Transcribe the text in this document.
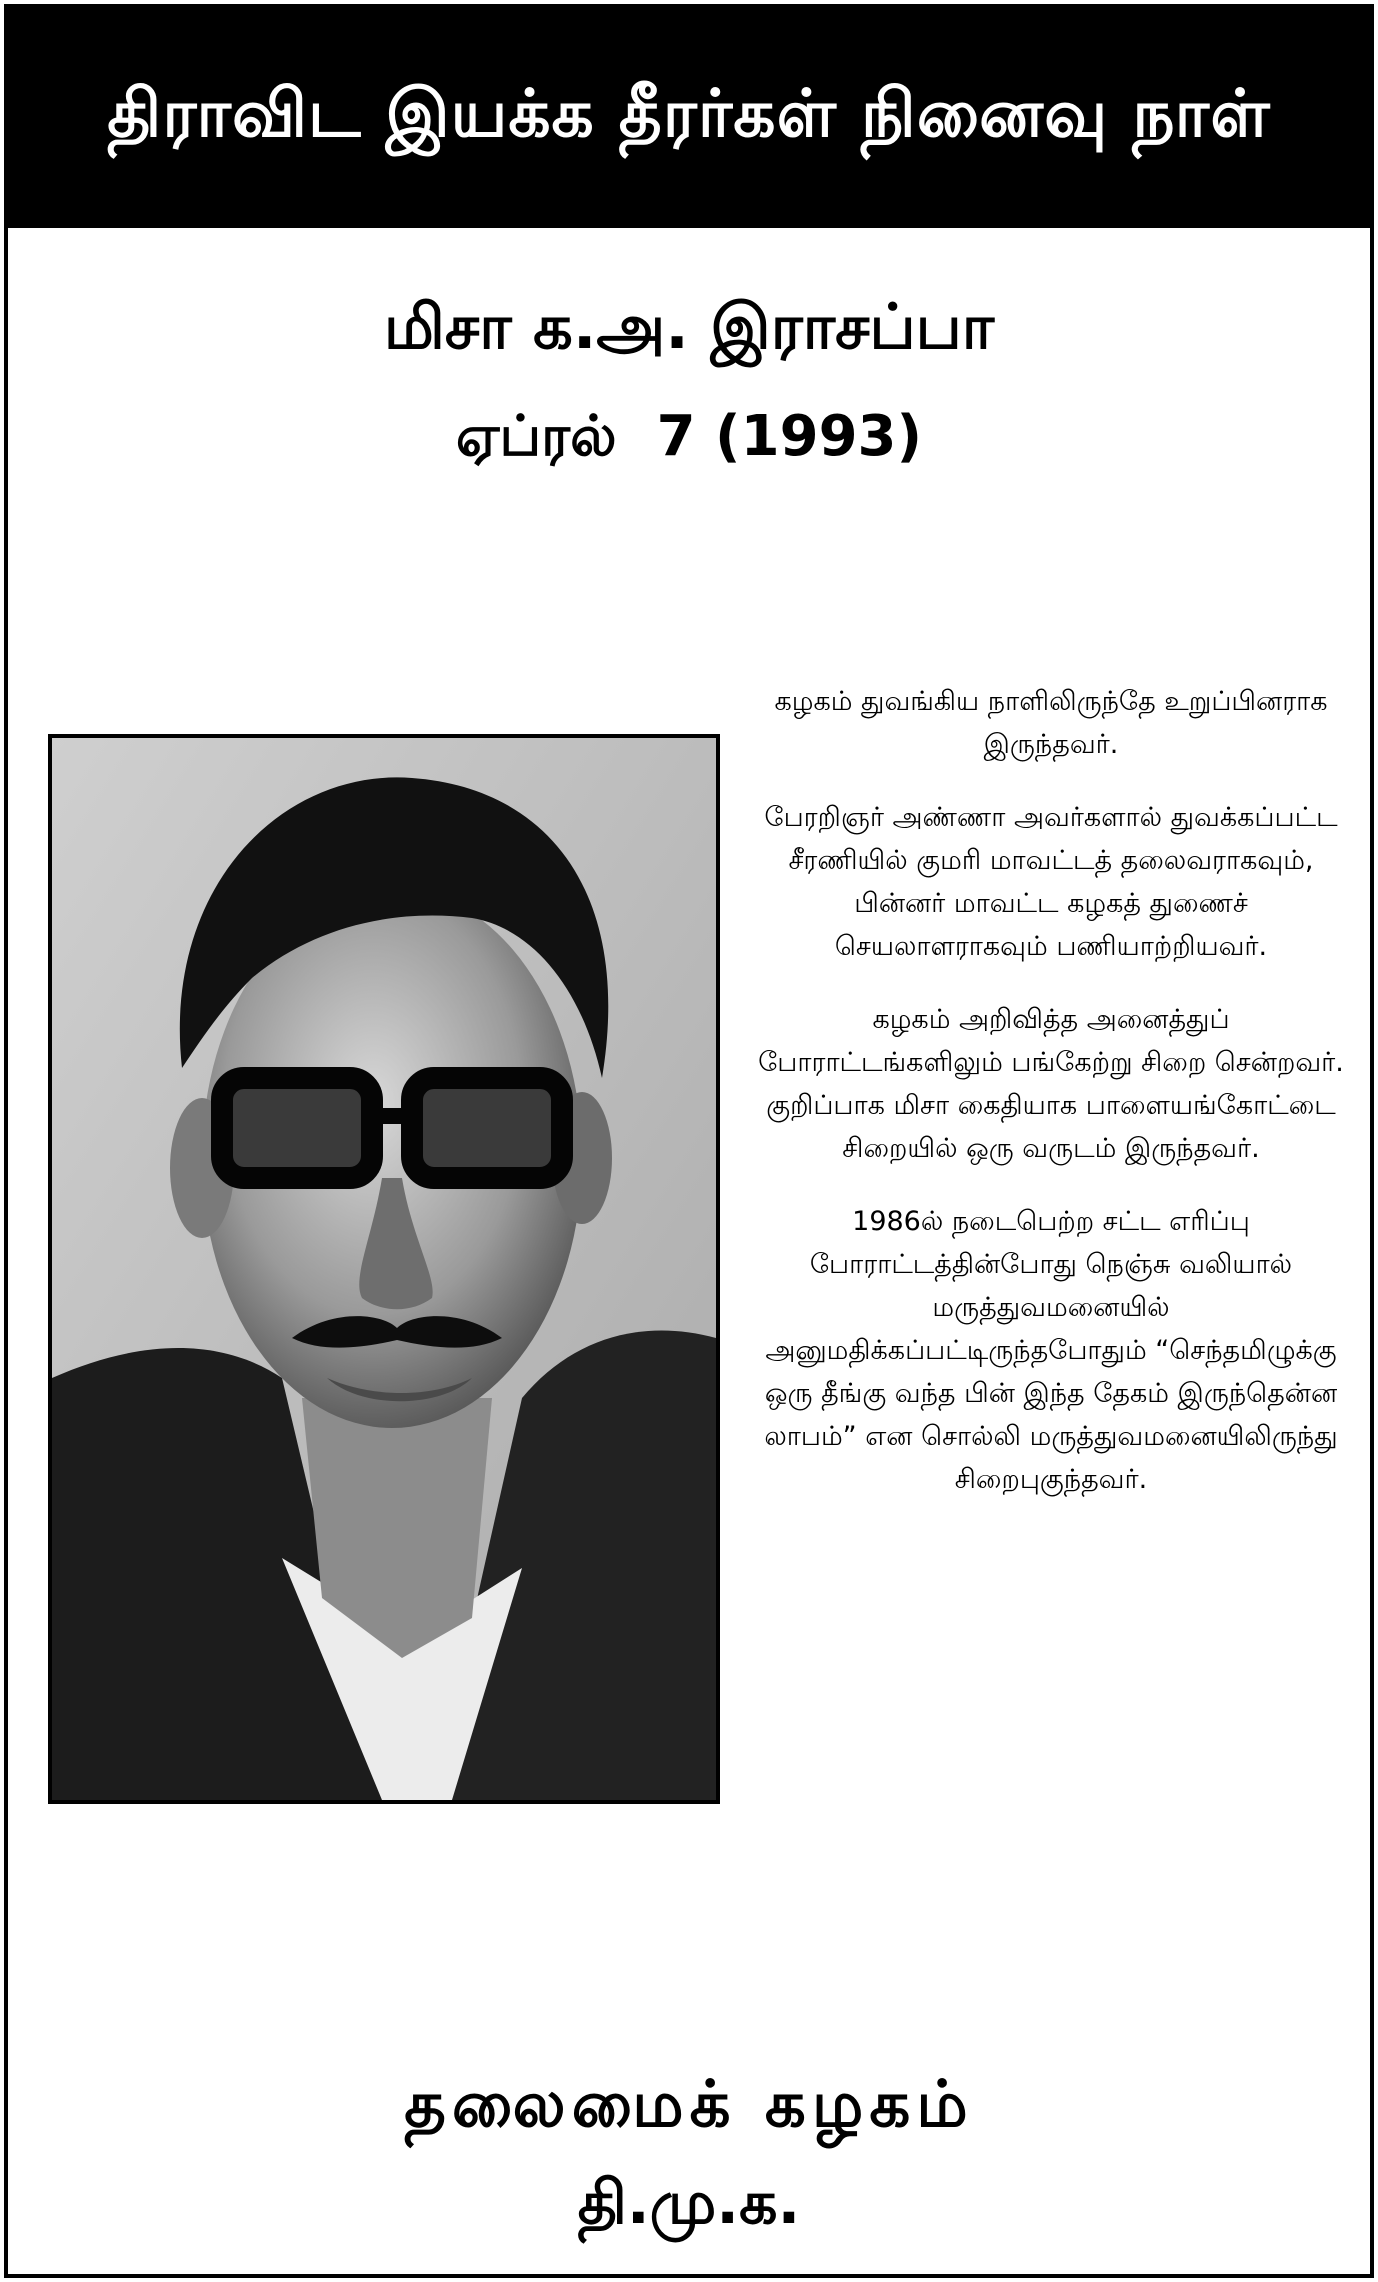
திராவிட இயக்க தீரர்கள் நினைவு நாள்
மிசா க.அ. இராசப்பா
ஏப்ரல் 7 (1993)

கழகம் துவங்கிய நாளிலிருந்தே உறுப்பினராக இருந்தவர்.

பேரறிஞர் அண்ணா அவர்களால் துவக்கப்பட்ட சீரணியில் குமரி மாவட்டத் தலைவராகவும், பின்னர் மாவட்ட கழகத் துணைச் செயலாளராகவும் பணியாற்றியவர்.

கழகம் அறிவித்த அனைத்துப் போராட்டங்களிலும் பங்கேற்று சிறை சென்றவர். குறிப்பாக மிசா கைதியாக பாளையங்கோட்டை சிறையில் ஒரு வருடம் இருந்தவர்.

1986ல் நடைபெற்ற சட்ட எரிப்பு போராட்டத்தின்போது நெஞ்சு வலியால் மருத்துவமனையில் அனுமதிக்கப்பட்டிருந்தபோதும் “செந்தமிழுக்கு ஒரு தீங்கு வந்த பின் இந்த தேகம் இருந்தென்ன லாபம்” என சொல்லி மருத்துவமனையிலிருந்து சிறைபுகுந்தவர்.

தலைமைக் கழகம்
தி.மு.க.
